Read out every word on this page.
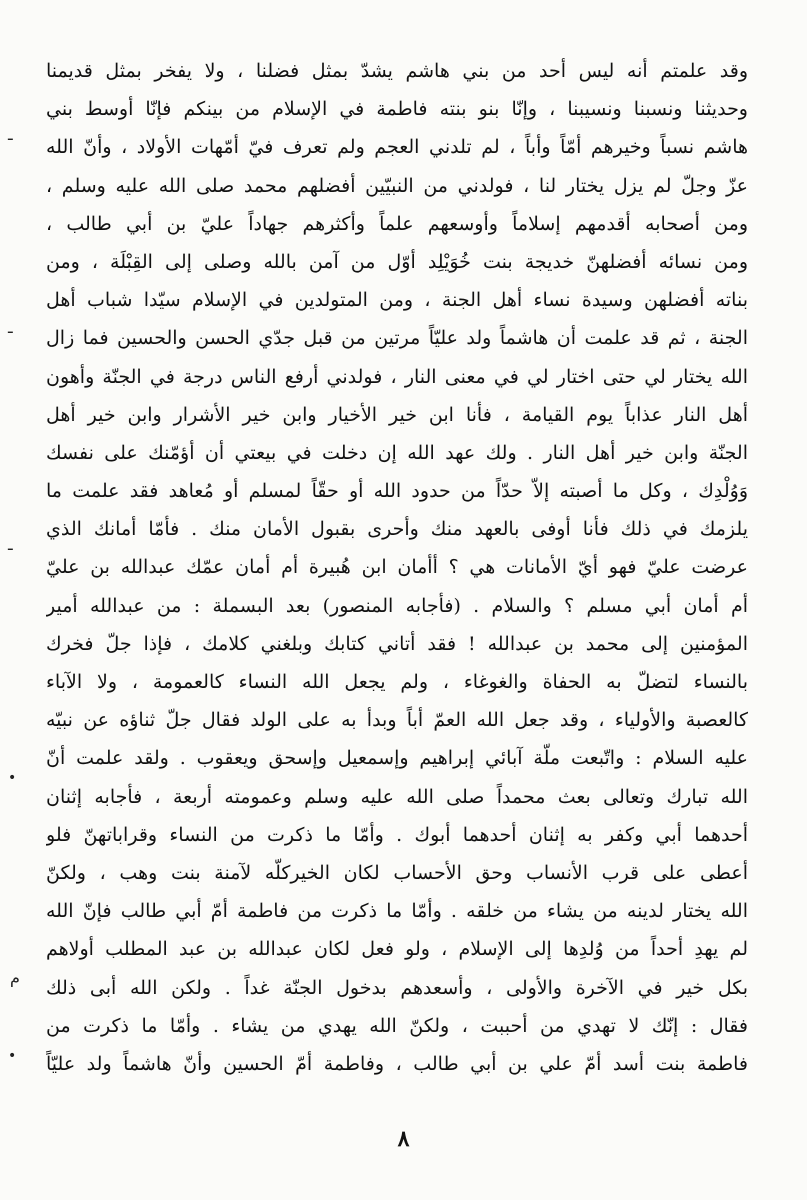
وقد علمتم أنه ليس أحد من بني هاشم يشدّ بمثل فضلنا ، ولا يفخر بمثل قديمنا
وحديثنا ونسبنا ونسيبنا ، وإنّا بنو بنته فاطمة في الإسلام من بينكم فإنّا أوسط بني
هاشم نسباً وخيرهم أمّاً وأباً ، لم تلدني العجم ولم تعرف فيّ أمّهات الأولاد ، وأنّ الله
عزّ وجلّ لم يزل يختار لنا ، فولدني من النبيّين أفضلهم محمد صلى الله عليه وسلم ،
ومن أصحابه أقدمهم إسلاماً وأوسعهم علماً وأكثرهم جهاداً عليّ بن أبي طالب ،
ومن نسائه أفضلهنّ خديجة بنت خُوَيْلِد أوّل من آمن بالله وصلى إلى القِبْلَة ، ومن
بناته أفضلهن وسيدة نساء أهل الجنة ، ومن المتولدين في الإسلام سيّدا شباب أهل
الجنة ، ثم قد علمت أن هاشماً ولد عليّاً مرتين من قبل جدّي الحسن والحسين فما زال
الله يختار لي حتى اختار لي في معنى النار ، فولدني أرفع الناس درجة في الجنّة وأهون
أهل النار عذاباً يوم القيامة ، فأنا ابن خير الأخيار وابن خير الأشرار وابن خير أهل
الجنّة وابن خير أهل النار . ولك عهد الله إن دخلت في بيعتي أن أؤمّنك على نفسك
وَوُلْدِك ، وكل ما أصبته إلاّ حدّاً من حدود الله أو حقّاً لمسلم أو مُعاهد فقد علمت ما
يلزمك في ذلك فأنا أوفى بالعهد منك وأحرى بقبول الأمان منك . فأمّا أمانك الذي
عرضت عليّ فهو أيّ الأمانات هي ؟ أأمان ابن هُبيرة أم أمان عمّك عبدالله بن عليّ
أم أمان أبي مسلم ؟ والسلام . (فأجابه المنصور) بعد البسملة : من عبدالله أمير
المؤمنين إلى محمد بن عبدالله ! فقد أتاني كتابك وبلغني كلامك ، فإذا جلّ فخرك
بالنساء لتضلّ به الحفاة والغوغاء ، ولم يجعل الله النساء كالعمومة ، ولا الآباء
كالعصبة والأولياء ، وقد جعل الله العمّ أباً وبدأ به على الولد فقال جلّ ثناؤه عن نبيّه
عليه السلام : واتّبعت ملّة آبائي إبراهيم وإسمعيل وإسحق ويعقوب . ولقد علمت أنّ
الله تبارك وتعالى بعث محمداً صلى الله عليه وسلم وعمومته أربعة ، فأجابه إثنان
أحدهما أبي وكفر به إثنان أحدهما أبوك . وأمّا ما ذكرت من النساء وقراباتهنّ فلو
أعطى على قرب الأنساب وحق الأحساب لكان الخيركلّه لآمنة بنت وهب ، ولكنّ
الله يختار لدينه من يشاء من خلقه . وأمّا ما ذكرت من فاطمة أمّ أبي طالب فإنّ الله
لم يهدِ أحداً من وُلدِها إلى الإسلام ، ولو فعل لكان عبدالله بن عبد المطلب أولاهم
بكل خير في الآخرة والأولى ، وأسعدهم بدخول الجنّة غداً . ولكن الله أبى ذلك
فقال : إنّك لا تهدي من أحببت ، ولكنّ الله يهدي من يشاء . وأمّا ما ذكرت من
فاطمة بنت أسد أمّ علي بن أبي طالب ، وفاطمة أمّ الحسين وأنّ هاشماً ولد عليّاً
٨
ـ
ـ
ـ
•
م
•
